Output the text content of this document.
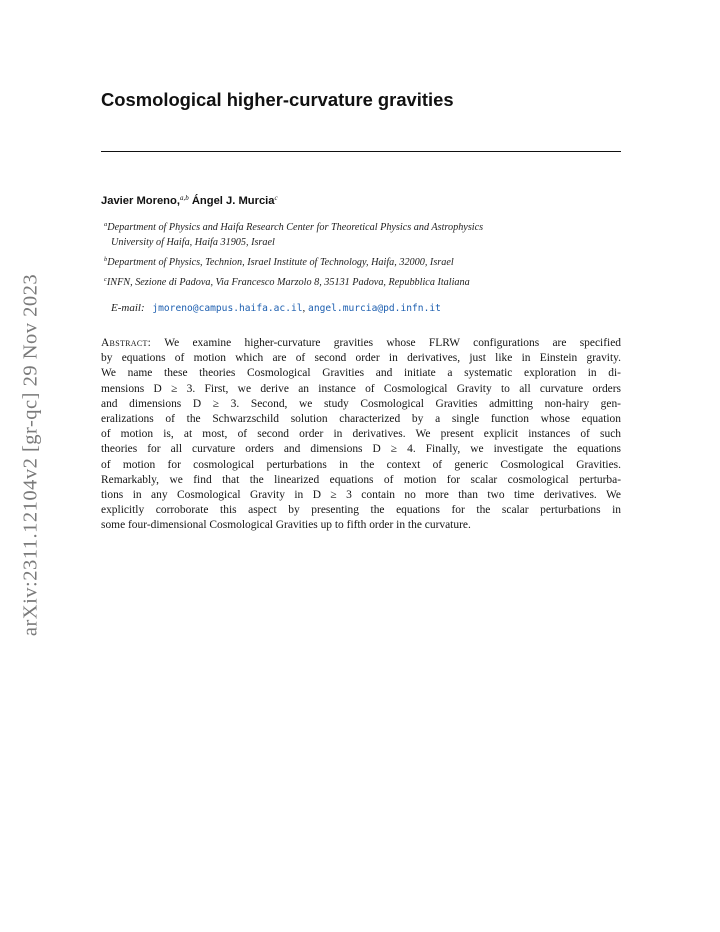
arXiv:2311.12104v2 [gr-qc] 29 Nov 2023
Cosmological higher-curvature gravities
Javier Moreno,$^{a,b}$ Ángel J. Murcia$^c$
$^a$Department of Physics and Haifa Research Center for Theoretical Physics and Astrophysics
University of Haifa, Haifa 31905, Israel
$^b$Department of Physics, Technion, Israel Institute of Technology, Haifa, 32000, Israel
$^c$INFN, Sezione di Padova, Via Francesco Marzolo 8, 35131 Padova, Repubblica Italiana
E-mail: jmoreno@campus.haifa.ac.il, angel.murcia@pd.infn.it
Abstract: We examine higher-curvature gravities whose FLRW configurations are specified
by equations of motion which are of second order in derivatives, just like in Einstein gravity.
We name these theories Cosmological Gravities and initiate a systematic exploration in di-
mensions D ≥ 3. First, we derive an instance of Cosmological Gravity to all curvature orders
and dimensions D ≥ 3. Second, we study Cosmological Gravities admitting non-hairy gen-
eralizations of the Schwarzschild solution characterized by a single function whose equation
of motion is, at most, of second order in derivatives. We present explicit instances of such
theories for all curvature orders and dimensions D ≥ 4. Finally, we investigate the equations
of motion for cosmological perturbations in the context of generic Cosmological Gravities.
Remarkably, we find that the linearized equations of motion for scalar cosmological perturba-
tions in any Cosmological Gravity in D ≥ 3 contain no more than two time derivatives. We
explicitly corroborate this aspect by presenting the equations for the scalar perturbations in
some four-dimensional Cosmological Gravities up to fifth order in the curvature.
